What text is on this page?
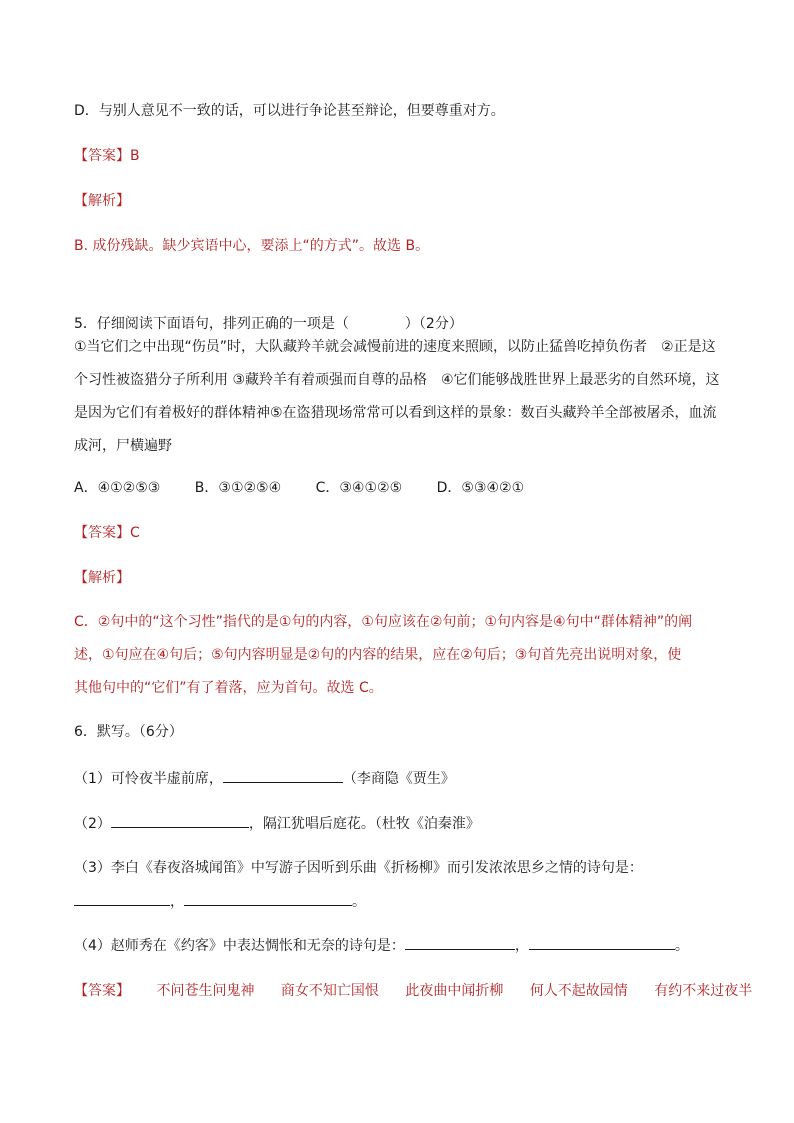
D．与别人意见不一致的话，可以进行争论甚至辩论，但要尊重对方。
【答案】B
【解析】
B. 成份残缺。缺少宾语中心，要添上“的方式”。故选 B。
5．仔细阅读下面语句，排列正确的一项是（　　　　）（2分）
①当它们之中出现“伤员”时，大队藏羚羊就会减慢前进的速度来照顾，以防止猛兽吃掉负伤者　②正是这
个习性被盗猎分子所利用 ③藏羚羊有着顽强而自尊的品格　④它们能够战胜世界上最恶劣的自然环境，这
是因为它们有着极好的群体精神⑤在盗猎现场常常可以看到这样的景象：数百头藏羚羊全部被屠杀，血流
成河，尸横遍野
A．④①②⑤③ B．③①②⑤④ C．③④①②⑤ D．⑤③④②①
【答案】C
【解析】
C．②句中的“这个习性”指代的是①句的内容，①句应该在②句前；①句内容是④句中“群体精神”的阐
述，①句应在④句后；⑤句内容明显是②句的内容的结果，应在②句后；③句首先亮出说明对象，使
其他句中的“它们”有了着落，应为首句。故选 C。
6．默写。（6分）
（1）可怜夜半虚前席，	（李商隐《贾生》
（2）	，隔江犹唱后庭花。（杜牧《泊秦淮》
（3）李白《春夜洛城闻笛》中写游子因听到乐曲《折杨柳》而引发浓浓思乡之情的诗句是：
，	。
（4）赵师秀在《约客》中表达惆怅和无奈的诗句是：	，	。
【答案】 不问苍生问鬼神 商女不知亡国恨 此夜曲中闻折柳 何人不起故园情 有约不来过夜半
